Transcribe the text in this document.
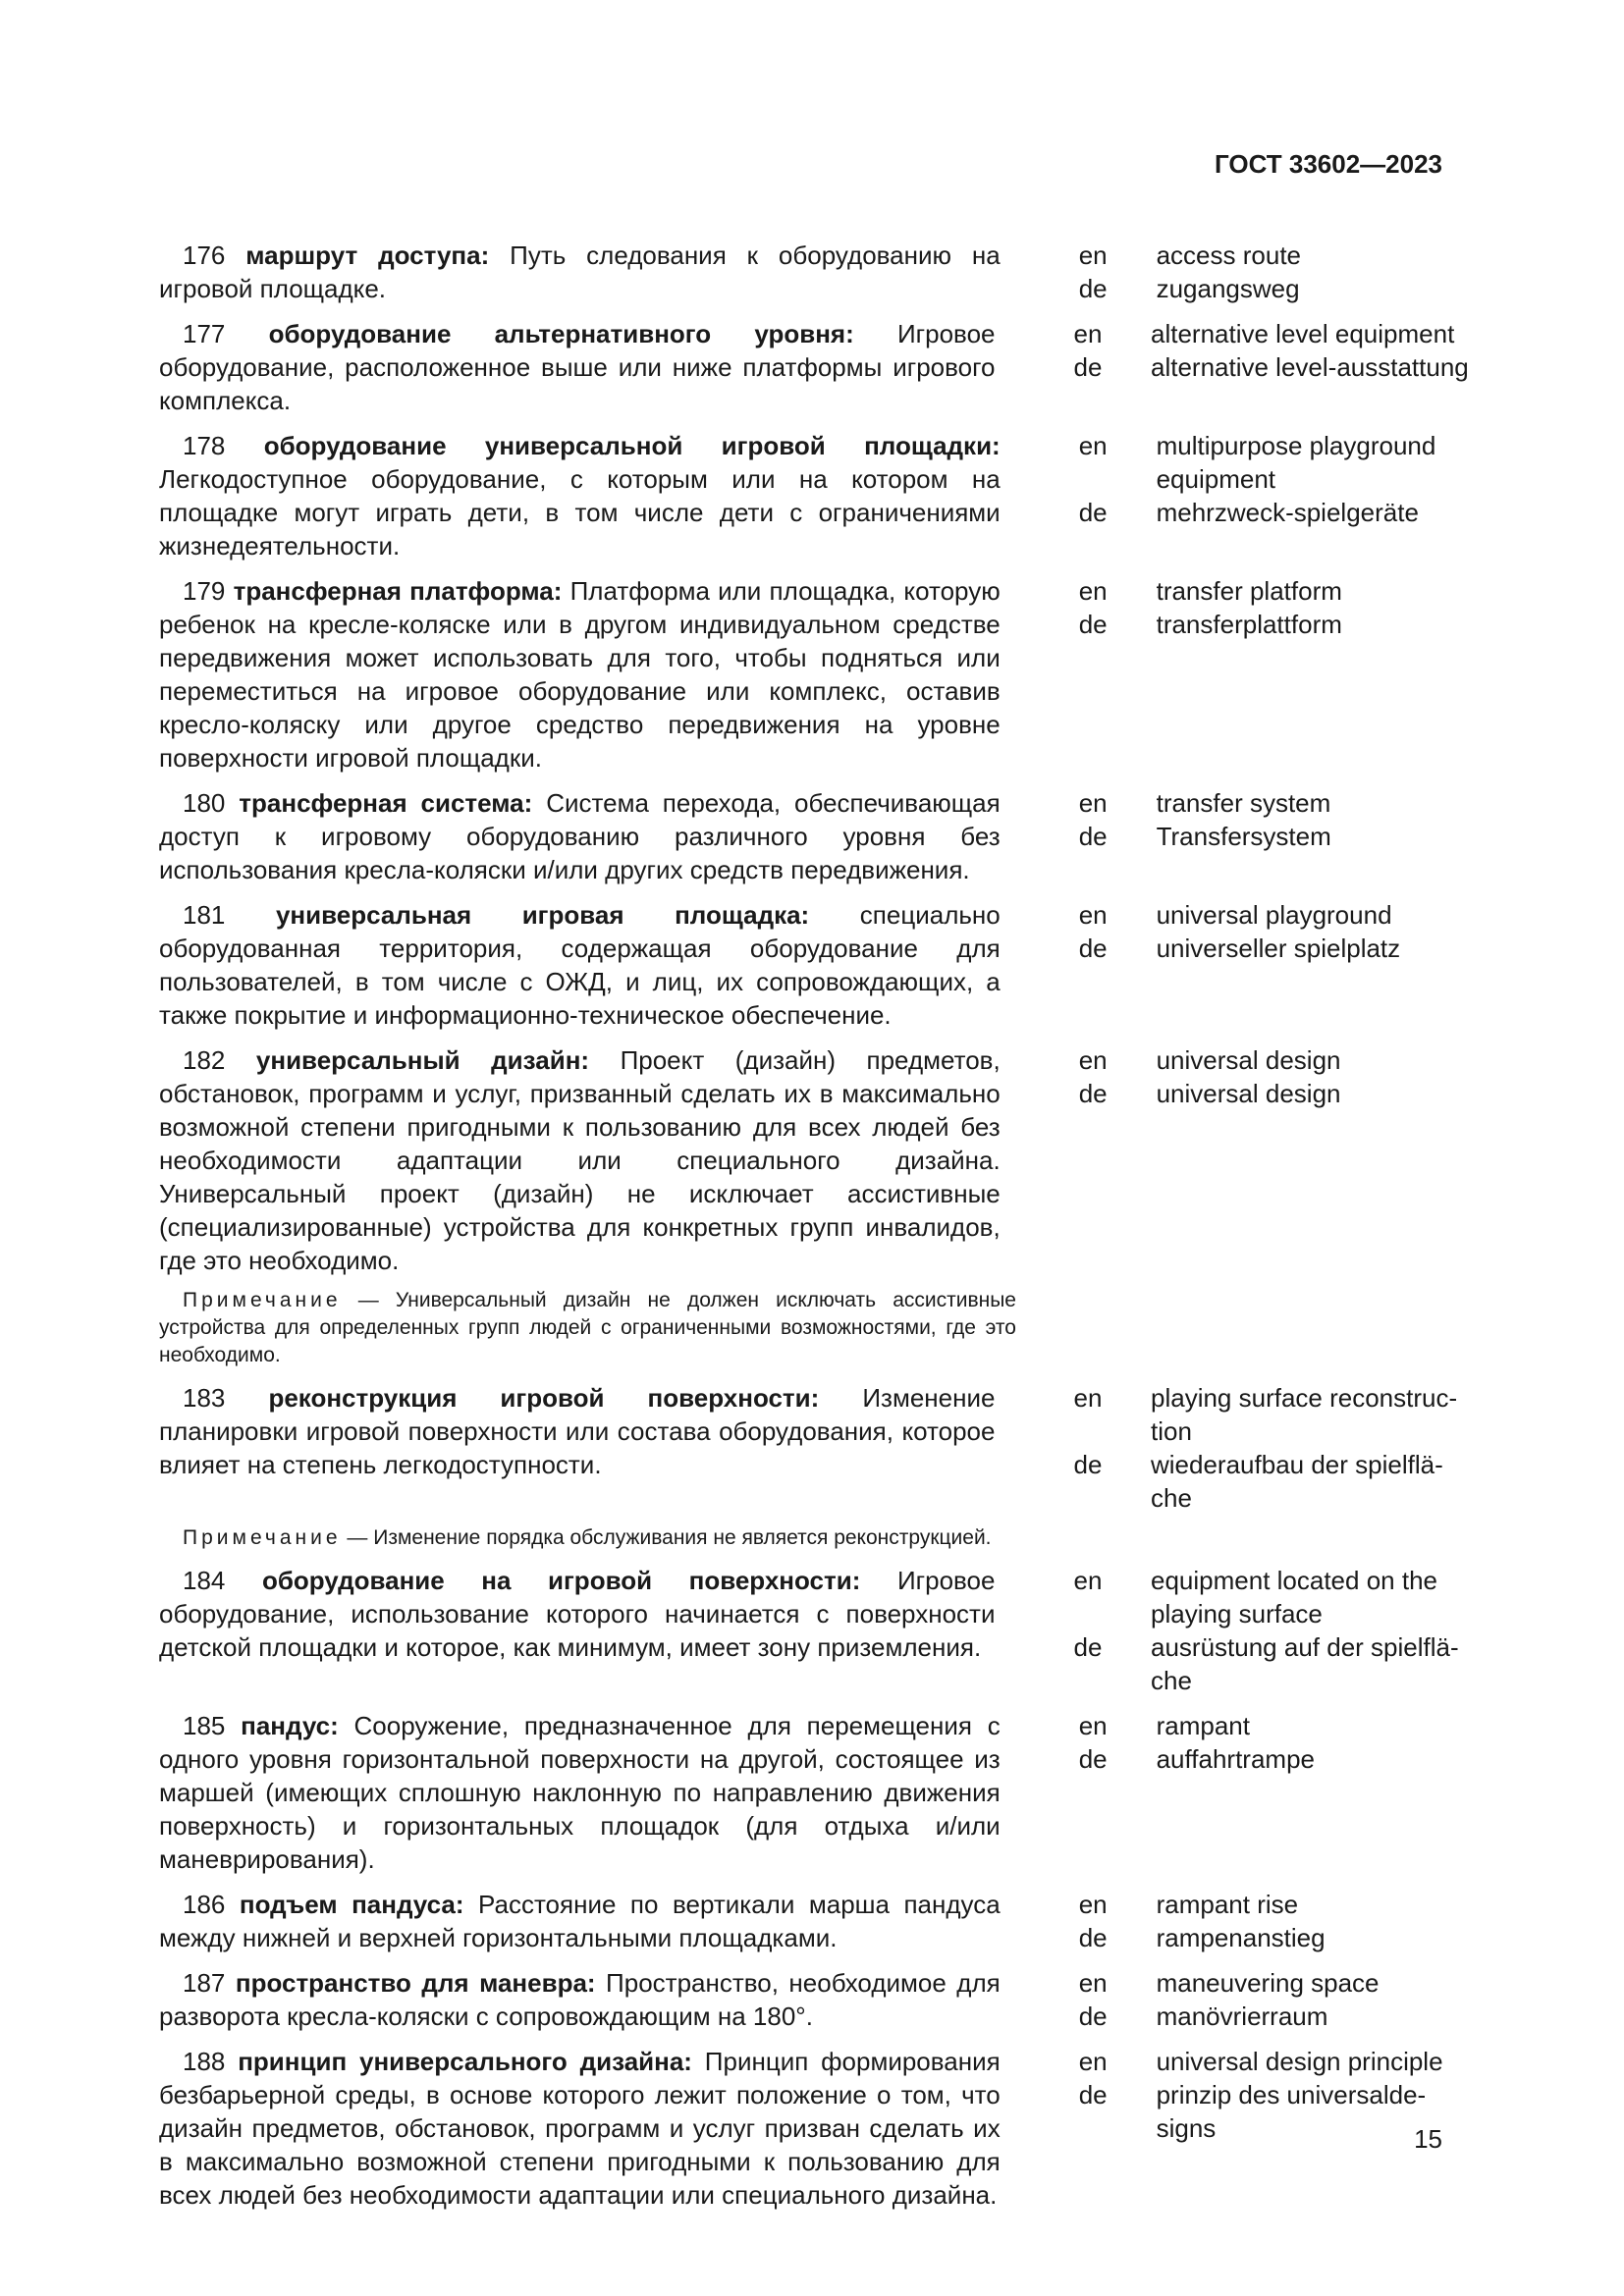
ГОСТ 33602—2023
176 маршрут доступа: Путь следования к оборудованию на игровой площадке.
en
de
access route
zugangsweg
177 оборудование альтернативного уровня: Игровое оборудование, расположенное выше или ниже платформы игрового комплекса.
en
de
alternative level equipment
alternative level-ausstattung
178 оборудование универсальной игровой площадки: Легкодоступное оборудование, с которым или на котором на площадке могут играть дети, в том числе дети с ограничениями жизнедеятельности.
en
de
multipurpose playground
equipment
mehrzweck-spielgeräte
179 трансферная платформа: Платформа или площадка, которую ребенок на кресле-коляске или в другом индивидуальном средстве передвижения может использовать для того, чтобы подняться или переместиться на игровое оборудование или комплекс, оставив кресло-коляску или другое средство передвижения на уровне поверхности игровой площадки.
en
de
transfer platform
transferplattform
180 трансферная система: Система перехода, обеспечивающая доступ к игровому оборудованию различного уровня без использования кресла-коляски и/или других средств передвижения.
en
de
transfer system
Transfersystem
181 универсальная игровая площадка: специально оборудованная территория, содержащая оборудование для пользователей, в том числе с ОЖД, и лиц, их сопровождающих, а также покрытие и информационно-техническое обеспечение.
en
de
universal playground
universeller spielplatz
182 универсальный дизайн: Проект (дизайн) предметов, обстановок, программ и услуг, призванный сделать их в максимально возможной степени пригодными к пользованию для всех людей без необходимости адаптации или специального дизайна. Универсальный проект (дизайн) не исключает ассистивные (специализированные) устройства для конкретных групп инвалидов, где это необходимо.
en
de
universal design
universal design
Примечание — Универсальный дизайн не должен исключать ассистивные устройства для определенных групп людей с ограниченными возможностями, где это необходимо.
183 реконструкция игровой поверхности: Изменение планировки игровой поверхности или состава оборудования, которое влияет на степень легкодоступности.
en
de
playing surface reconstruc-
tion
wiederaufbau der spielflä-
che
Примечание — Изменение порядка обслуживания не является реконструкцией.
184 оборудование на игровой поверхности: Игровое оборудование, использование которого начинается с поверхности детской площадки и которое, как минимум, имеет зону приземления.
en
de
equipment located on the
playing surface
ausrüstung auf der spielflä-
che
185 пандус: Сооружение, предназначенное для перемещения с одного уровня горизонтальной поверхности на другой, состоящее из маршей (имеющих сплошную наклонную по направлению движения поверхность) и горизонтальных площадок (для отдыха и/или маневрирования).
en
de
rampant
auffahrtrampe
186 подъем пандуса: Расстояние по вертикали марша пандуса между нижней и верхней горизонтальными площадками.
en
de
rampant rise
rampenanstieg
187 пространство для маневра: Пространство, необходимое для разворота кресла-коляски с сопровождающим на 180°.
en
de
maneuvering space
manövrierraum
188 принцип универсального дизайна: Принцип формирования безбарьерной среды, в основе которого лежит положение о том, что дизайн предметов, обстановок, программ и услуг призван сделать их в максимально возможной степени пригодными к пользованию для всех людей без необходимости адаптации или специального дизайна.
en
de
universal design principle
prinzip des universalde-
signs	15
